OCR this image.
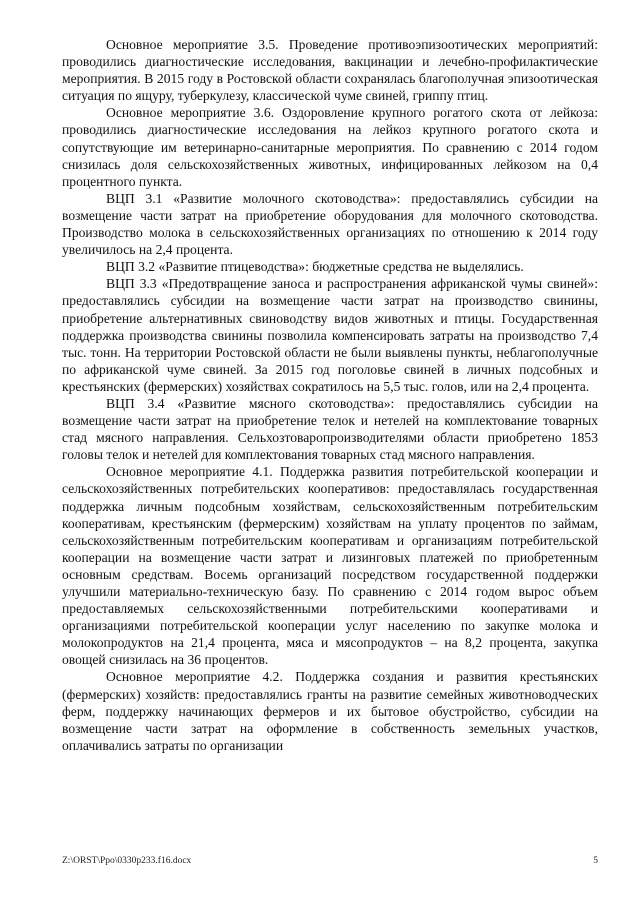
Основное мероприятие 3.5. Проведение противоэпизоотических мероприятий: проводились диагностические исследования, вакцинации и лечебно-профилактические мероприятия. В 2015 году в Ростовской области сохранялась благополучная эпизоотическая ситуация по ящуру, туберкулезу, классической чуме свиней, гриппу птиц.

Основное мероприятие 3.6. Оздоровление крупного рогатого скота от лейкоза: проводились диагностические исследования на лейкоз крупного рогатого скота и сопутствующие им ветеринарно-санитарные мероприятия. По сравнению с 2014 годом снизилась доля сельскохозяйственных животных, инфицированных лейкозом на 0,4 процентного пункта.

ВЦП 3.1 «Развитие молочного скотоводства»: предоставлялись субсидии на возмещение части затрат на приобретение оборудования для молочного скотоводства. Производство молока в сельскохозяйственных организациях по отношению к 2014 году увеличилось на 2,4 процента.

ВЦП 3.2 «Развитие птицеводства»: бюджетные средства не выделялись.

ВЦП 3.3 «Предотвращение заноса и распространения африканской чумы свиней»: предоставлялись субсидии на возмещение части затрат на производство свинины, приобретение альтернативных свиноводству видов животных и птицы. Государственная поддержка производства свинины позволила компенсировать затраты на производство 7,4 тыс. тонн. На территории Ростовской области не были выявлены пункты, неблагополучные по африканской чуме свиней. За 2015 год поголовье свиней в личных подсобных и крестьянских (фермерских) хозяйствах сократилось на 5,5 тыс. голов, или на 2,4 процента.

ВЦП 3.4 «Развитие мясного скотоводства»: предоставлялись субсидии на возмещение части затрат на приобретение телок и нетелей на комплектование товарных стад мясного направления. Сельхозтоваропроизводителями области приобретено 1853 головы телок и нетелей для комплектования товарных стад мясного направления.

Основное мероприятие 4.1. Поддержка развития потребительской кооперации и сельскохозяйственных потребительских кооперативов: предоставлялась государственная поддержка личным подсобным хозяйствам, сельскохозяйственным потребительским кооперативам, крестьянским (фермерским) хозяйствам на уплату процентов по займам, сельскохозяйственным потребительским кооперативам и организациям потребительской кооперации на возмещение части затрат и лизинговых платежей по приобретенным основным средствам. Восемь организаций посредством государственной поддержки улучшили материально-техническую базу. По сравнению с 2014 годом вырос объем предоставляемых сельскохозяйственными потребительскими кооперативами и организациями потребительской кооперации услуг населению по закупке молока и молокопродуктов на 21,4 процента, мяса и мясопродуктов – на 8,2 процента, закупка овощей снизилась на 36 процентов.

Основное мероприятие 4.2. Поддержка создания и развития крестьянских (фермерских) хозяйств: предоставлялись гранты на развитие семейных животноводческих ферм, поддержку начинающих фермеров и их бытовое обустройство, субсидии на возмещение части затрат на оформление в собственность земельных участков, оплачивались затраты по организации

Z:\ORST\Ppo\0330p233.f16.docx	5
